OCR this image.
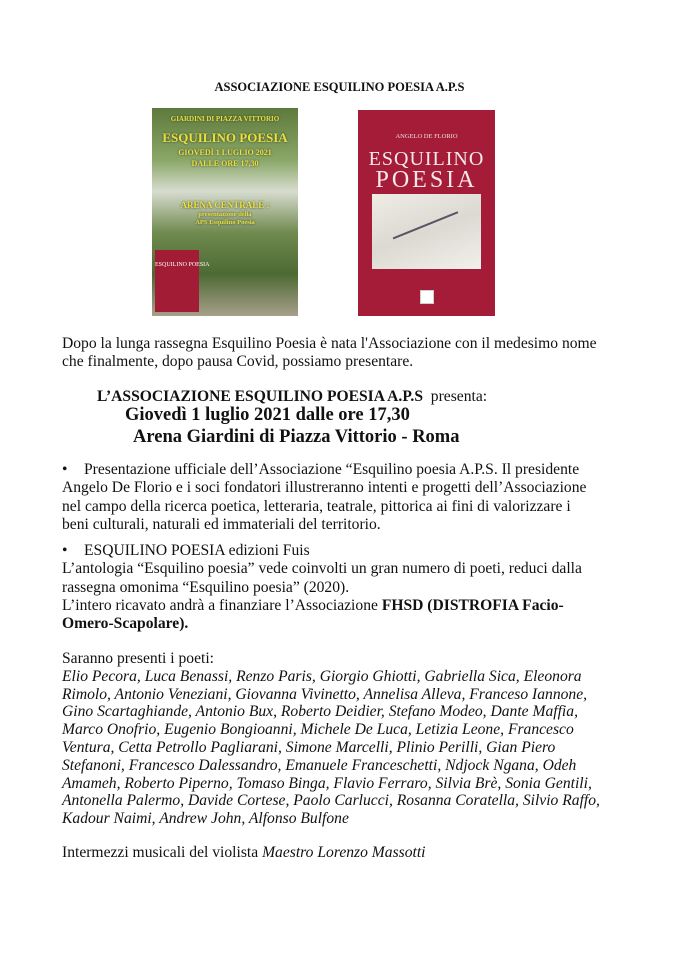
ASSOCIAZIONE ESQUILINO POESIA A.P.S
GIARDINI DI PIAZZA VITTORIO
ESQUILINO POESIA
GIOVEDÌ 1 LUGLIO 2021
DALLE ORE 17,30
ARENA CENTRALE :
presentazione della
APS Esquilino Poesia
ESQUILINO POESIA
ANGELO DE FLORIO
ESQUILINO
POESIA
Dopo la lunga rassegna Esquilino Poesia è nata l'Associazione con il medesimo nome
che finalmente, dopo pausa Covid, possiamo presentare.
L’ASSOCIAZIONE ESQUILINO POESIA A.P.S  presenta:
Giovedì 1 luglio 2021 dalle ore 17,30
Arena Giardini di Piazza Vittorio - Roma
• Presentazione ufficiale dell’Associazione “Esquilino poesia A.P.S. Il presidente
Angelo De Florio e i soci fondatori illustreranno intenti e progetti dell’Associazione
nel campo della ricerca poetica, letteraria, teatrale, pittorica ai fini di valorizzare i
beni culturali, naturali ed immateriali del territorio.
• ESQUILINO POESIA edizioni Fuis
L’antologia “Esquilino poesia” vede coinvolti un gran numero di poeti, reduci dalla
rassegna omonima “Esquilino poesia” (2020).
L’intero ricavato andrà a finanziare l’Associazione FHSD (DISTROFIA Facio-
Omero-Scapolare).
Saranno presenti i poeti:
Elio Pecora, Luca Benassi, Renzo Paris, Giorgio Ghiotti, Gabriella Sica, Eleonora
Rimolo, Antonio Veneziani, Giovanna Vivinetto, Annelisa Alleva, Franceso Iannone,
Gino Scartaghiande, Antonio Bux, Roberto Deidier, Stefano Modeo, Dante Maffia,
Marco Onofrio, Eugenio Bongioanni, Michele De Luca, Letizia Leone, Francesco
Ventura, Cetta Petrollo Pagliarani, Simone Marcelli, Plinio Perilli, Gian Piero
Stefanoni, Francesco Dalessandro, Emanuele Franceschetti, Ndjock Ngana, Odeh
Amameh, Roberto Piperno, Tomaso Binga, Flavio Ferraro, Silvia Brè, Sonia Gentili,
Antonella Palermo, Davide Cortese, Paolo Carlucci, Rosanna Coratella, Silvio Raffo,
Kadour Naimi, Andrew John, Alfonso Bulfone
Intermezzi musicali del violista Maestro Lorenzo Massotti
